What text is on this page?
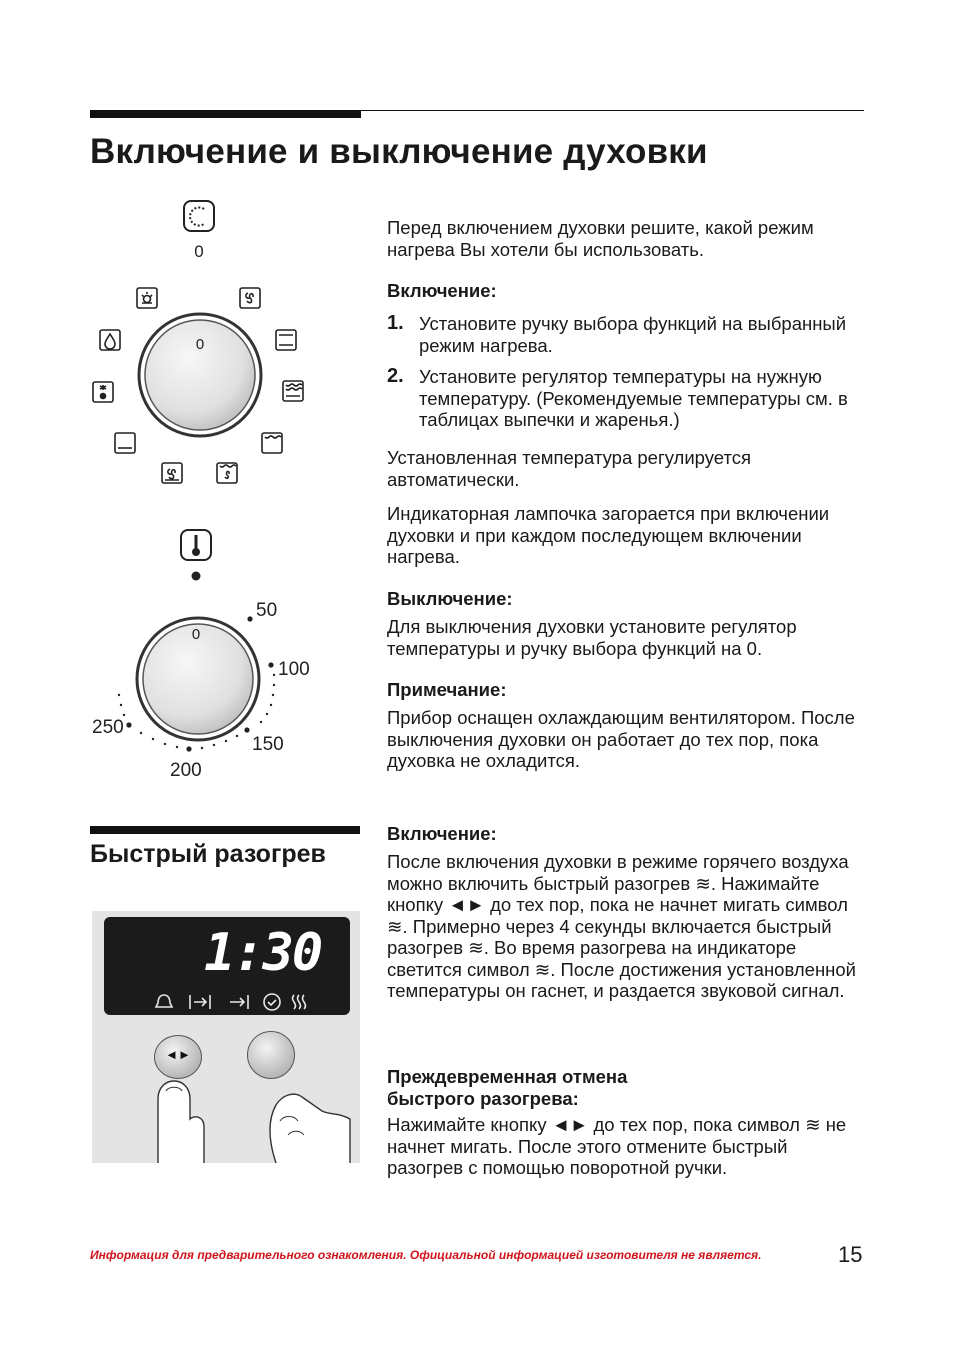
Включение и выключение духовки
0
0
0
50
100
150
200
250
Перед включением духовки решите, какой режим нагрева Вы хотели бы использовать.
Включение:
1. Установите ручку выбора функций на выбранный режим нагрева.
2. Установите регулятор температуры на нужную температуру. (Рекомендуемые температуры см. в таблицах выпечки и жаренья.)
Установленная температура регулируется автоматически.
Индикаторная лампочка загорается при включении духовки и при каждом последующем включении нагрева.
Выключение:
Для выключения духовки установите регулятор температуры и ручку выбора функций на 0.
Примечание:
Прибор оснащен охлаждающим вентилятором. После выключения духовки он работает до тех пор, пока духовка не охладится.
Быстрый разогрев
1:30
◄►
Включение:
После включения духовки в режиме горячего воздуха можно включить быстрый разогрев ≋. Нажимайте кнопку ◄► до тех пор, пока не начнет мигать символ ≋. Примерно через 4 секунды включается быстрый разогрев ≋. Во время разогрева на индикаторе светится символ ≋. После достижения установленной температуры он гаснет, и раздается звуковой сигнал.
Преждевременная отмена быстрого разогрева:
Нажимайте кнопку ◄► до тех пор, пока символ ≋ не начнет мигать. После этого отмените быстрый разогрев с помощью поворотной ручки.
Информация для предварительного ознакомления. Официальной информацией изготовителя не является.	15
